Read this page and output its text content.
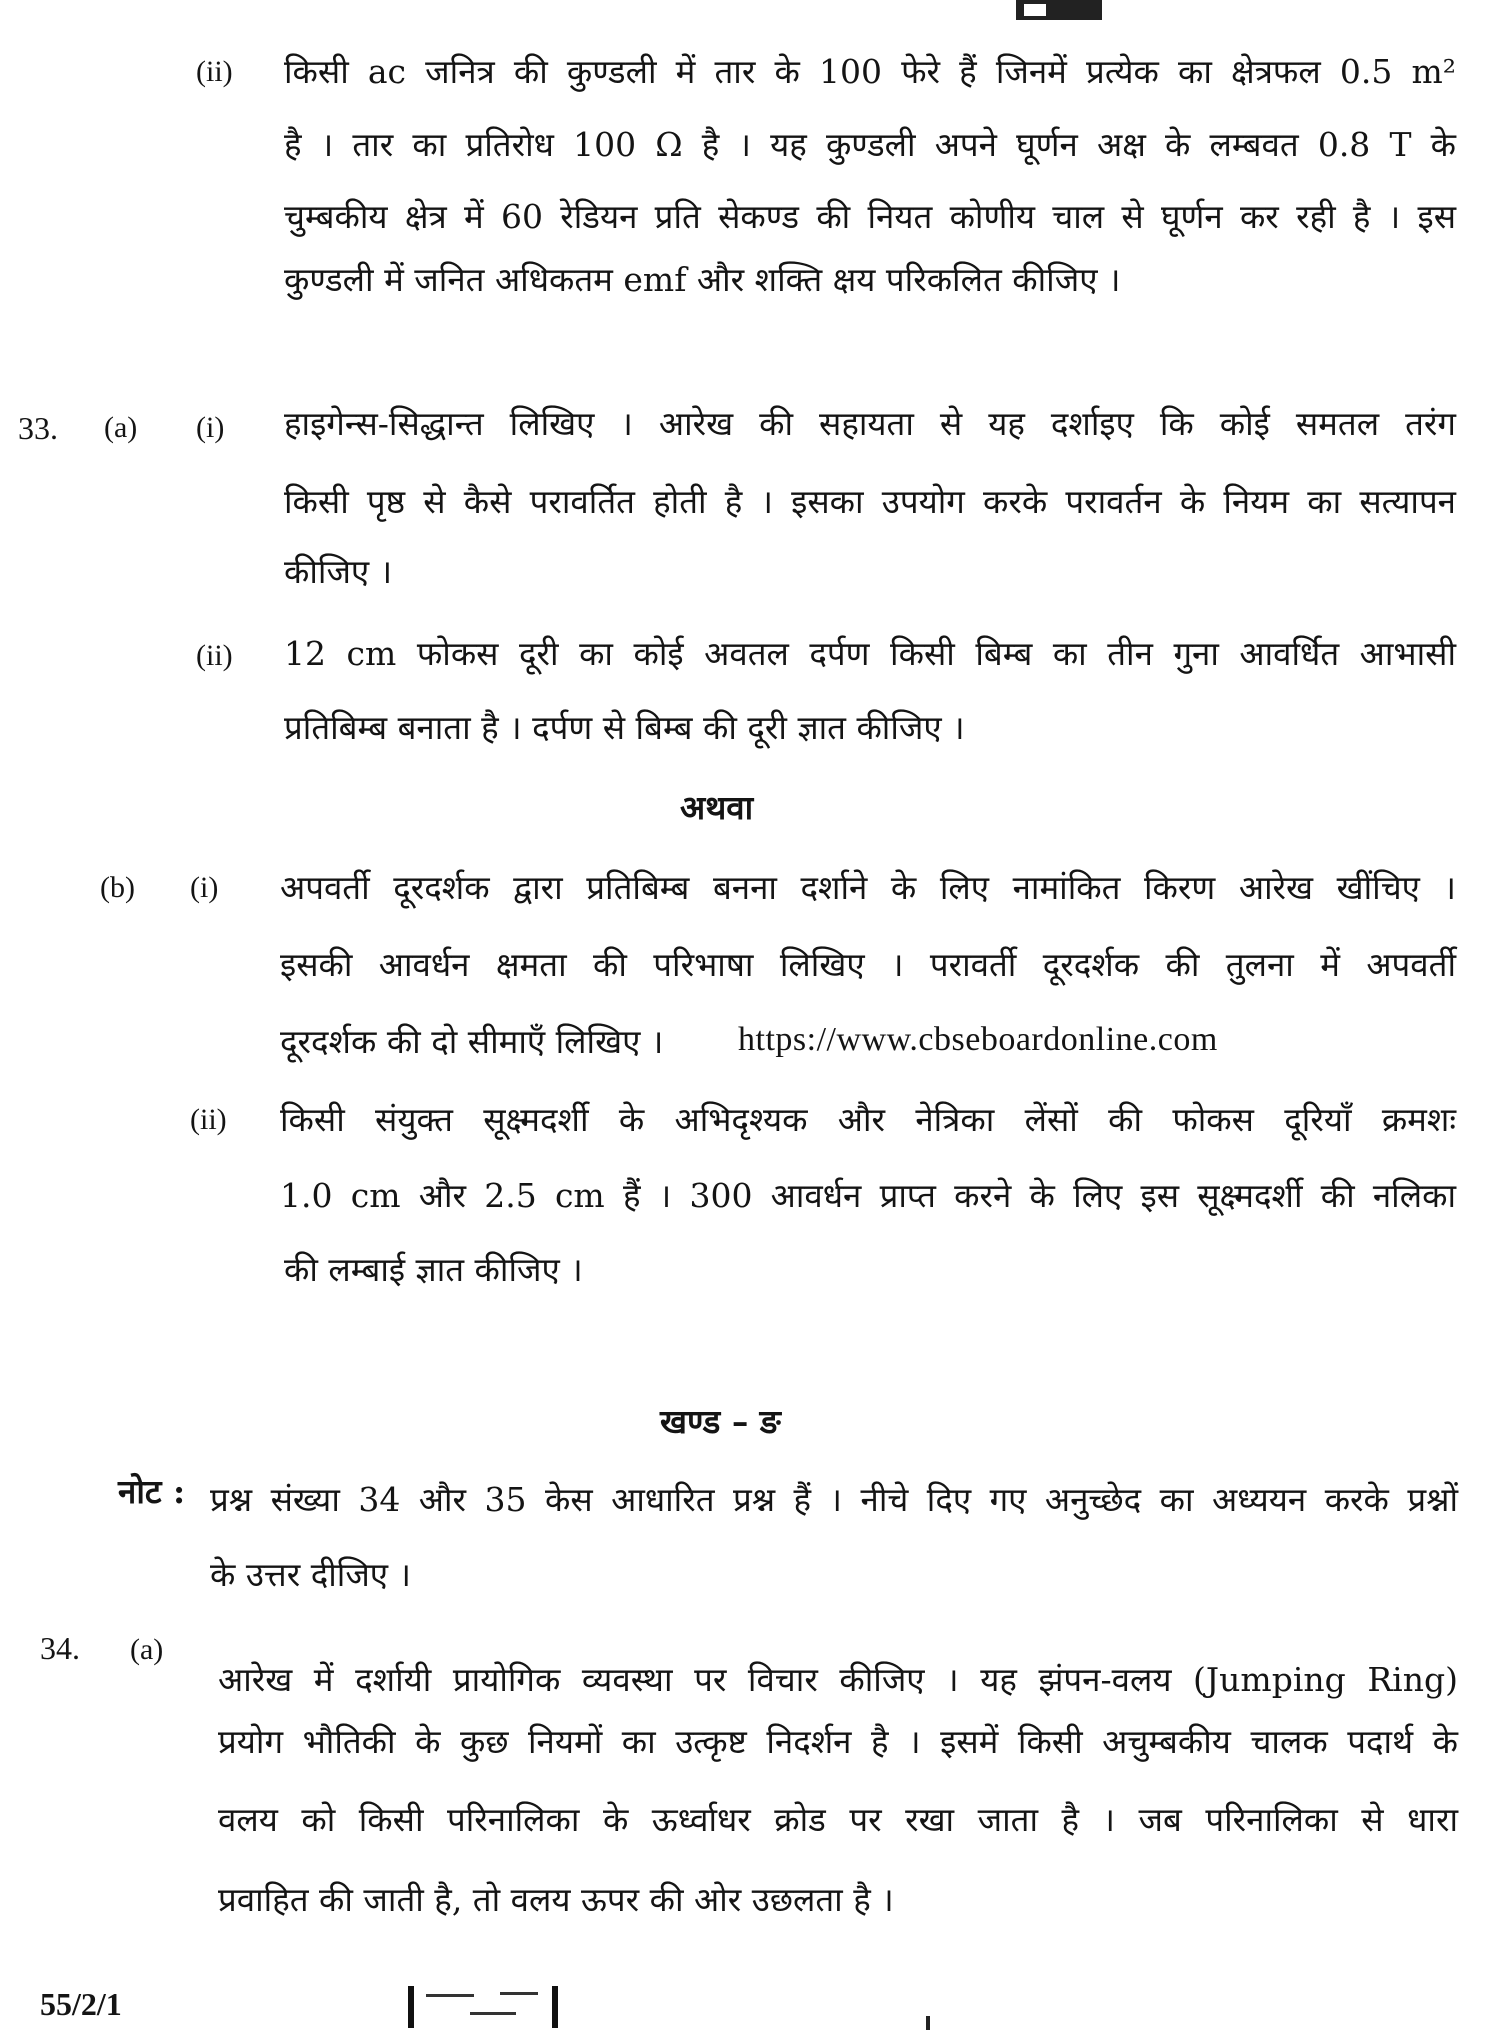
(ii) किसी ac जनित्र की कुण्डली में तार के 100 फेरे हैं जिनमें प्रत्येक का क्षेत्रफल 0.5 m²
है । तार का प्रतिरोध 100 Ω है । यह कुण्डली अपने घूर्णन अक्ष के लम्बवत 0.8 T के
चुम्बकीय क्षेत्र में 60 रेडियन प्रति सेकण्ड की नियत कोणीय चाल से घूर्णन कर रही है । इस
कुण्डली में जनित अधिकतम emf और शक्ति क्षय परिकलित कीजिए ।
33. (a) (i) हाइगेन्स-सिद्धान्त लिखिए । आरेख की सहायता से यह दर्शाइए कि कोई समतल तरंग
किसी पृष्ठ से कैसे परावर्तित होती है । इसका उपयोग करके परावर्तन के नियम का सत्यापन
कीजिए ।
(ii) 12 cm फोकस दूरी का कोई अवतल दर्पण किसी बिम्ब का तीन गुना आवर्धित आभासी
प्रतिबिम्ब बनाता है । दर्पण से बिम्ब की दूरी ज्ञात कीजिए ।
अथवा
(b) (i) अपवर्ती दूरदर्शक द्वारा प्रतिबिम्ब बनना दर्शाने के लिए नामांकित किरण आरेख खींचिए ।
इसकी आवर्धन क्षमता की परिभाषा लिखिए । परावर्ती दूरदर्शक की तुलना में अपवर्ती
दूरदर्शक की दो सीमाएँ लिखिए । https://www.cbseboardonline.com
(ii) किसी संयुक्त सूक्ष्मदर्शी के अभिदृश्यक और नेत्रिका लेंसों की फोकस दूरियाँ क्रमशः
1.0 cm और 2.5 cm हैं । 300 आवर्धन प्राप्त करने के लिए इस सूक्ष्मदर्शी की नलिका
की लम्बाई ज्ञात कीजिए ।
खण्ड – ङ
नोट : प्रश्न संख्या 34 और 35 केस आधारित प्रश्न हैं । नीचे दिए गए अनुच्छेद का अध्ययन करके प्रश्नों
के उत्तर दीजिए ।
34. (a)
आरेख में दर्शायी प्रायोगिक व्यवस्था पर विचार कीजिए । यह झंपन-वलय (Jumping Ring)
प्रयोग भौतिकी के कुछ नियमों का उत्कृष्ट निदर्शन है । इसमें किसी अचुम्बकीय चालक पदार्थ के
वलय को किसी परिनालिका के ऊर्ध्वाधर क्रोड पर रखा जाता है । जब परिनालिका से धारा
प्रवाहित की जाती है, तो वलय ऊपर की ओर उछलता है ।
55/2/1
